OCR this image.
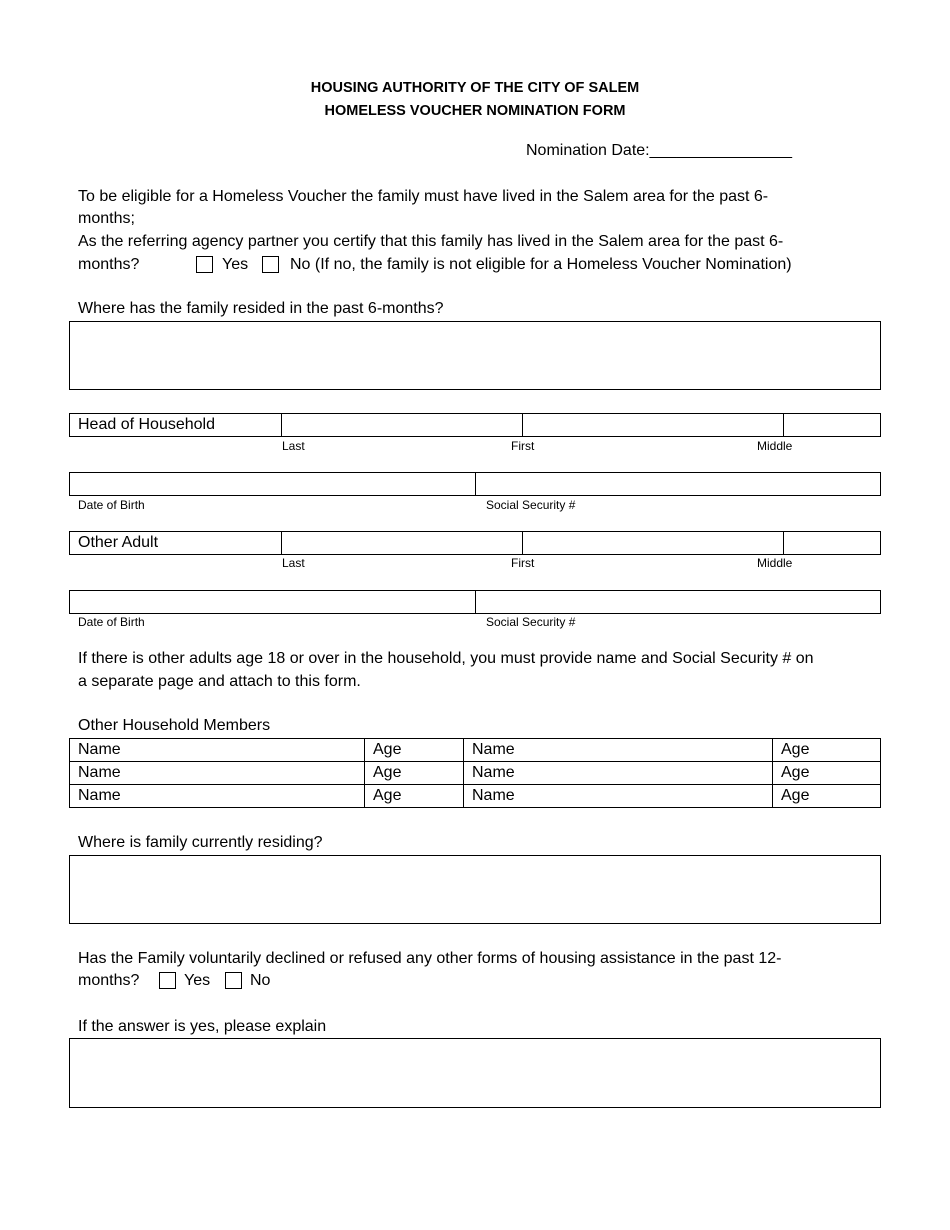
HOUSING AUTHORITY OF THE CITY OF SALEM
HOMELESS VOUCHER NOMINATION FORM
Nomination Date:________________
To be eligible for a Homeless Voucher the family must have lived in the Salem area for the past 6-
months;
As the referring agency partner you certify that this family has lived in the Salem area for the past 6-
months?	Yes	No (If no, the family is not eligible for a Homeless Voucher Nomination)
Where has the family resided in the past 6-months?
Head of Household			
Last	First	Middle

Date of Birth	Social Security #
Other Adult			
Last	First	Middle

Date of Birth	Social Security #
If there is other adults age 18 or over in the household, you must provide name and Social Security # on
a separate page and attach to this form.
Other Household Members
Name	Age	Name	Age
Name	Age	Name	Age
Name	Age	Name	Age
Where is family currently residing?
Has the Family voluntarily declined or refused any other forms of housing assistance in the past 12-
months?	Yes No
If the answer is yes, please explain
